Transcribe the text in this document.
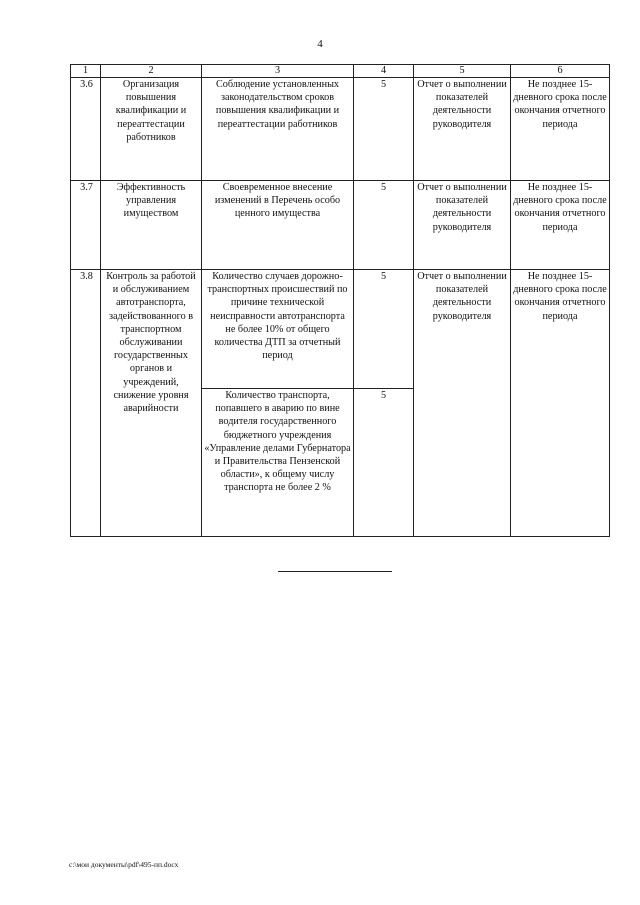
4
1	2	3	4	5	6
3.6	Организация повышения квалификации и переаттестации работников	Соблюдение установленных законодательством сроков повышения квалификации и переаттестации работников	5	Отчет о выполнении показателей деятельности руководителя	Не позднее 15-дневного срока после окончания отчетного периода
3.7	Эффективность управления имуществом	Своевременное внесение изменений в Перечень особо ценного имущества	5	Отчет о выполнении показателей деятельности руководителя	Не позднее 15-дневного срока после окончания отчетного периода
3.8	Контроль за работой и обслуживанием автотранспорта, задействованного в транспортном обслуживании государственных органов и учреждений, снижение уровня аварийности	Количество случаев дорожно-транспортных происшествий по причине технической неисправности автотранспорта не более 10% от общего количества ДТП за отчетный период	5	Отчет о выполнении показателей деятельности руководителя	Не позднее 15-дневного срока после окончания отчетного периода
		Количество транспорта, попавшего в аварию по вине водителя государственного бюджетного учреждения «Управление делами Губернатора и Правительства Пензенской области», к общему числу транспорта не более 2 %	5		
c:\мои документы\pdf\495-пп.docx
